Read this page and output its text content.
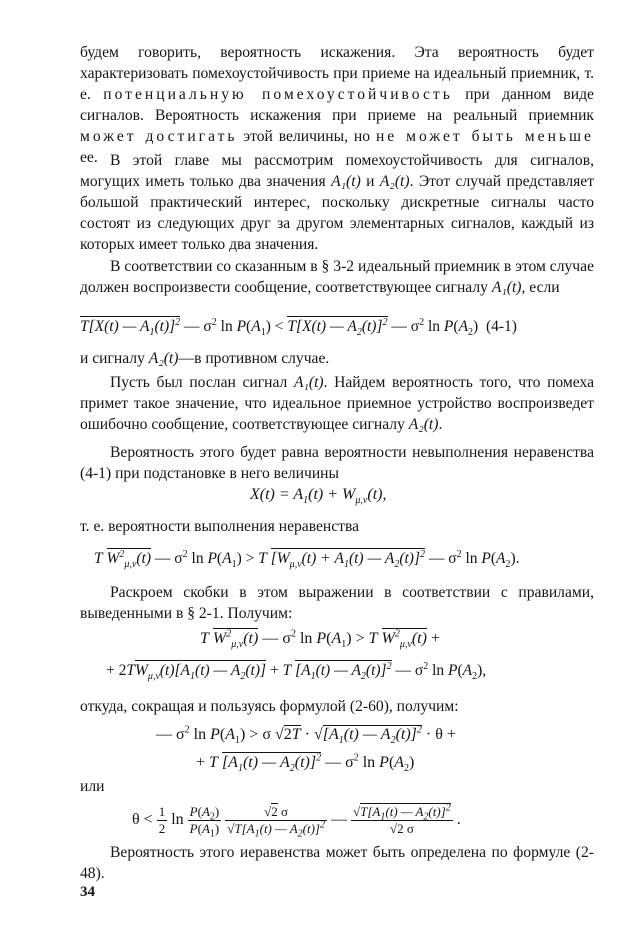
будем говорить, вероятность искажения. Эта вероятность будет характеризовать помехоустойчивость при приеме на идеальный приемник, т. е. потенциальную помехоустойчивость при данном виде сигналов. Вероятность искажения при приеме на реальный приемник может достигать этой величины, но не может быть меньше ее. В этой главе мы рассмотрим помехоустойчивость для сигналов, могущих иметь только два значения A₁(t) и A₂(t). Этот случай представляет большой практический интерес, поскольку дискретные сигналы часто состоят из следующих друг за другом элементарных сигналов, каждый из которых имеет только два значения.

В соответствии со сказанным в § 3-2 идеальный приемник в этом случае должен воспроизвести сообщение, соответствующее сигналу A₁(t), если

T[X(t) — $A_1(t)]^2$ — $\sigma^2$ $\ln P(A_1) < T[X(t)$ — $A_2(t)]^2$ — $\sigma^2$ $\ln P(A_2)$  (4-1)

и сигналу A₂(t)—в противном случае.

Пусть был послан сигнал A₁(t). Найдем вероятность того, что помеха примет такое значение, что идеальное приемное устройство воспроизведет ошибочно сообщение, соответствующее сигналу A₂(t).

Вероятность этого будет равна вероятности невыполнения неравенства (4-1) при подстановке в него величины

$X(t) = A_1(t) + W_{\mu,\nu}(t)$,

т. е. вероятности выполнения неравенства

T $W^2_{\mu,\nu}(t)$ — $\sigma^2$ $\ln P(A_1) > T$ [$W_{\mu,\nu}(t) + A_1(t)$ — $A_2(t)]^2$ — $\sigma^2$ $\ln P(A_2)$.

Раскроем скобки в этом выражении в соответствии с правилами, выведенными в § 2-1. Получим:

T $W^2_{\mu,\nu}(t)$ — $\sigma^2$ $\ln P(A_1) > T$ $W^2_{\mu,\nu}(t)$ +
+ $2TW_{\mu,\nu}(t)[A_1(t)$ — $A_2(t)] + T$ [$A_1(t)$ — $A_2(t)]^2$ — $\sigma^2$ $\ln P(A_2)$,

откуда, сокращая и пользуясь формулой (2-60), получим:

— $\sigma^2$ $\ln P(A_1) > \sigma$ $√2T \cdot √[A_1(t)$ — $A_2(t)]^2 \cdot \theta$ +
+ T [$A_1(t)$ — $A_2(t)]^2$ — $\sigma^2$ $\ln P(A_2)$

или

$\theta < \frac{1}{2}$ $\ln \frac{P(A_2)}{P(A_1)}$
$\frac{√2 \sigma}{√T[A_1(t) — A_2(t)]^2}$ — $\frac{√T[A_1(t) — A_2(t)]^2}{√2 \sigma}$ .

Вероятность этого иеравенства может быть определена по формуле (2-48).

34
